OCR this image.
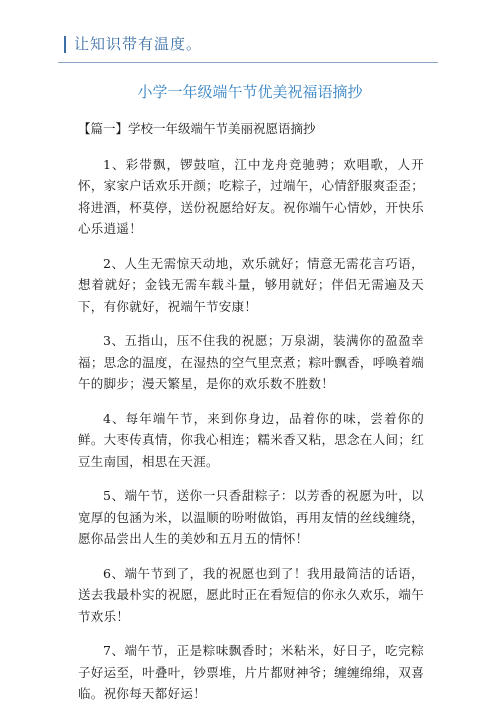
让知识带有温度。
小学一年级端午节优美祝福语摘抄
【篇一】学校一年级端午节美丽祝愿语摘抄

1、彩带飘，锣鼓喧，江中龙舟竞驰骋；欢唱歌，人开怀，家家户话欢乐开颜；吃粽子，过端午，心情舒服爽歪歪；将进酒，杯莫停，送份祝愿给好友。祝你端午心情妙，开快乐心乐逍遥！

2、人生无需惊天动地，欢乐就好；情意无需花言巧语，想着就好；金钱无需车载斗量，够用就好；伴侣无需遍及天下，有你就好，祝端午节安康！

3、五指山，压不住我的祝愿；万泉湖，装满你的盈盈幸福；思念的温度，在湿热的空气里烹煮；粽叶飘香，呼唤着端午的脚步；漫天繁星，是你的欢乐数不胜数！

4、每年端午节，来到你身边，品着你的味，尝着你的鲜。大枣传真情，你我心相连；糯米香又粘，思念在人间；红豆生南国，相思在天涯。

5、端午节，送你一只香甜粽子：以芳香的祝愿为叶，以宽厚的包涵为米，以温顺的吩咐做馅，再用友情的丝线缠绕，愿你品尝出人生的美妙和五月五的情怀！

6、端午节到了，我的祝愿也到了！我用最简洁的话语，送去我最朴实的祝愿，愿此时正在看短信的你永久欢乐，端午节欢乐！

7、端午节，正是粽味飘香时；米粘米，好日子，吃完粽子好运至，叶叠叶，钞票堆，片片都财神爷；缠缠绵绵，双喜临。祝你每天都好运！
